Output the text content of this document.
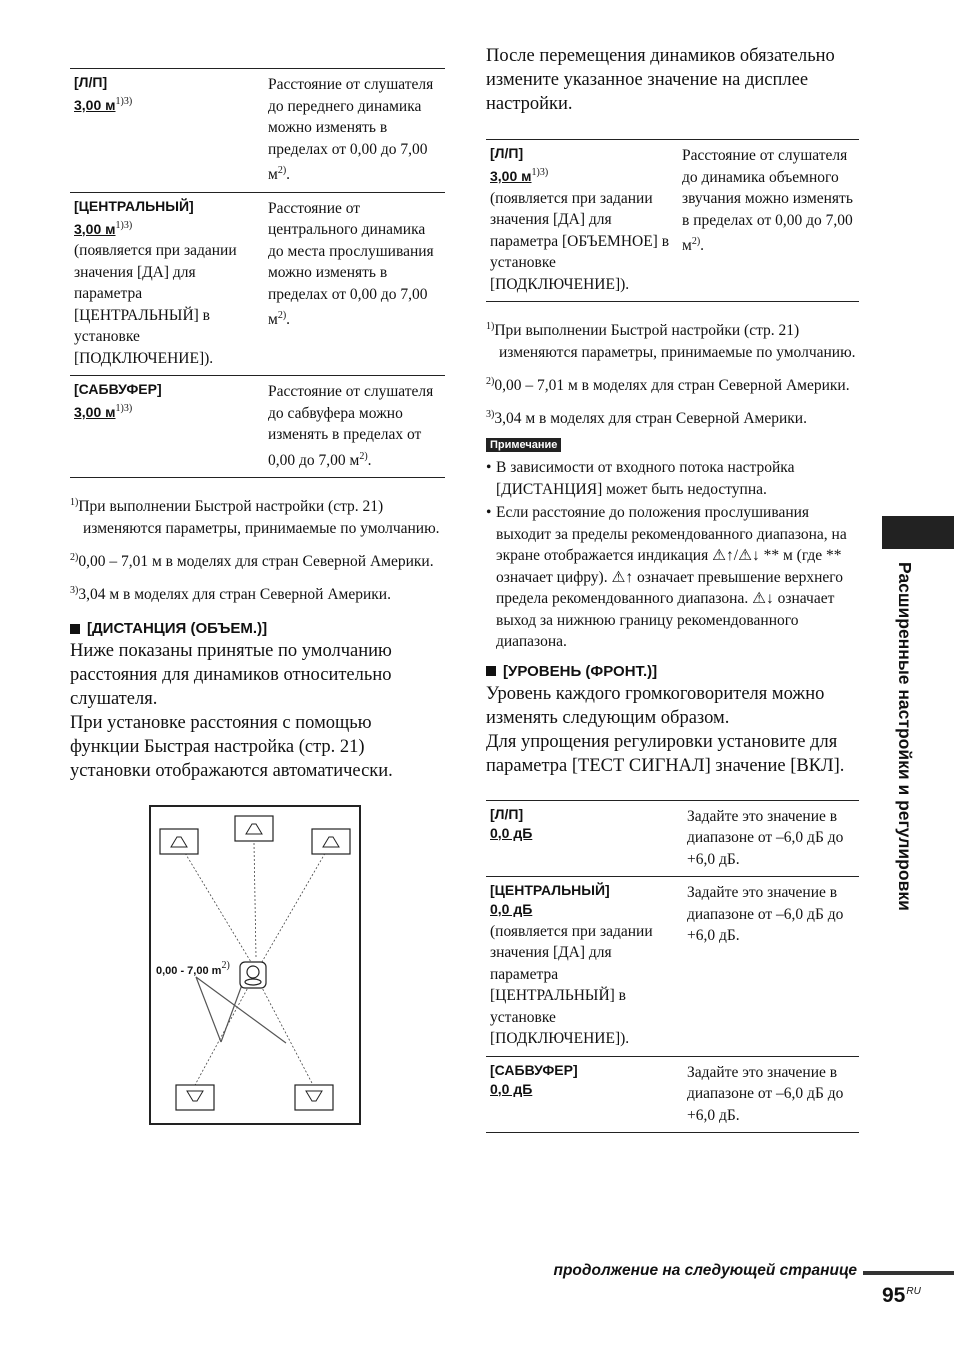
[Л/П]
3,00 $м^{1)3)}$	Расстояние от слушателя до переднего динамика можно изменять в пределах от 0,00 до 7,00 $м^{2)}$.

[ЦЕНТРАЛЬНЫЙ]
3,00 $м^{1)3)}$
(появляется при задании значения [ДА] для параметра [ЦЕНТРАЛЬНЫЙ] в установке [ПОДКЛЮЧЕНИЕ]).	Расстояние от центрального динамика до места прослушивания можно изменять в пределах от 0,00 до 7,00 $м^{2)}$.

[САБВУФЕР]
3,00 $м^{1)3)}$	Расстояние от слушателя до сабвуфера можно изменять в пределах от 0,00 до 7,00 $м^{2)}$.

$^{1)}$При выполнении Быстрой настройки (стр. 21) изменяются параметры, принимаемые по умолчанию.

$^{2)}$0,00 – 7,01 м в моделях для стран Северной Америки.

$^{3)}$3,04 м в моделях для стран Северной Америки.

[ДИСТАНЦИЯ (ОБЪЕМ.)]

Ниже показаны принятые по умолчанию расстояния для динамиков относительно слушателя.

При установке расстояния с помощью функции Быстрая настройка (стр. 21) установки отображаются автоматически.

0,00 - 7,00 m2)

После перемещения динамиков обязательно измените указанное значение на дисплее настройки.

[Л/П]
3,00 $м^{1)3)}$
(появляется при задании значения [ДА] для параметра [ОБЪЕМНОЕ] в установке [ПОДКЛЮЧЕНИЕ]).
	Расстояние от слушателя до динамика объемного звучания можно изменять в пределах от 0,00 до 7,00 $м^{2)}$.

$^{1)}$При выполнении Быстрой настройки (стр. 21) изменяются параметры, принимаемые по умолчанию.

$^{2)}$0,00 – 7,01 м в моделях для стран Северной Америки.

$^{3)}$3,04 м в моделях для стран Северной Америки.

Примечание
• В зависимости от входного потока настройка [ДИСТАНЦИЯ] может быть недоступна.
• Если расстояние до положения прослушивания выходит за пределы рекомендованного диапазона, на экране отображается индикация ⚠↑/⚠↓ ** м (где ** означает цифру). ⚠↑ означает превышение верхнего предела рекомендованного диапазона. ⚠↓ означает выход за нижнюю границу рекомендованного диапазона.
[УРОВЕНЬ (ФРОНТ.)]

Уровень каждого громкоговорителя можно изменять следующим образом.

Для упрощения регулировки установите для параметра [ТЕСТ СИГНАЛ] значение [ВКЛ].

[Л/П]
0,0 дБ	Задайте это значение в диапазоне от –6,0 дБ до +6,0 дБ.

[ЦЕНТРАЛЬНЫЙ]
0,0 дБ
(появляется при задании значения [ДА] для параметра [ЦЕНТРАЛЬНЫЙ] в установке [ПОДКЛЮЧЕНИЕ]).	Задайте это значение в диапазоне от –6,0 дБ до +6,0 дБ.

[САБВУФЕР]
0,0 дБ	Задайте это значение в диапазоне от –6,0 дБ до +6,0 дБ.
Расширенные настройки и регулировки
продолжение на следующей странице
$95^{RU}$
